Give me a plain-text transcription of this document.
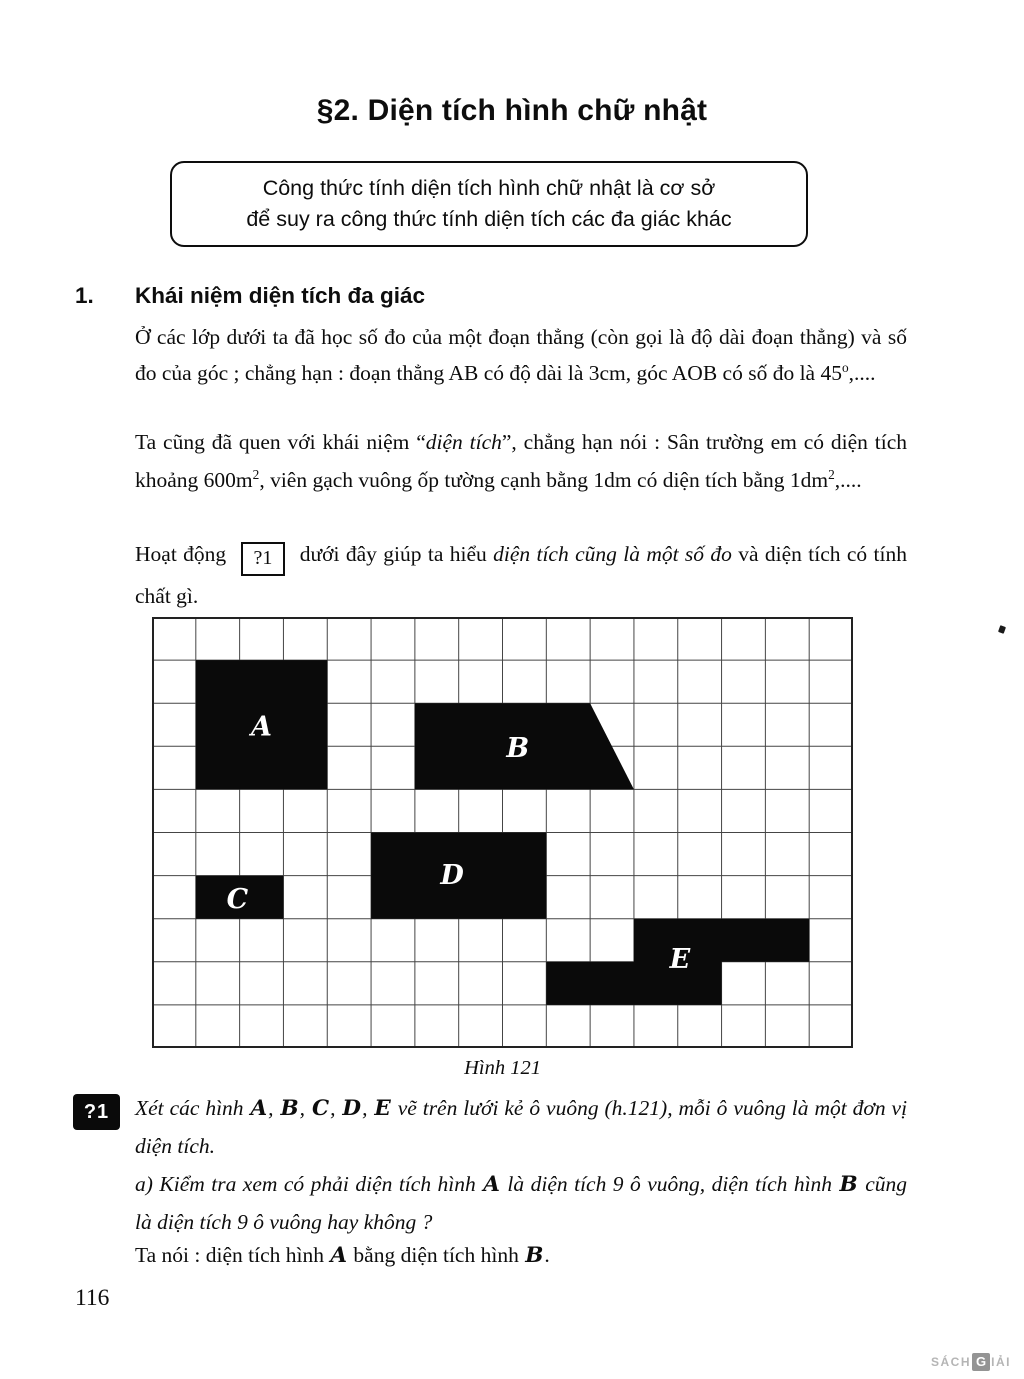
§2. Diện tích hình chữ nhật
Công thức tính diện tích hình chữ nhật là cơ sở
để suy ra công thức tính diện tích các đa giác khác
1. Khái niệm diện tích đa giác

Ở các lớp dưới ta đã học số đo của một đoạn thẳng (còn gọi là độ dài đoạn thẳng) và số đo của góc ; chẳng hạn : đoạn thẳng AB có độ dài là 3cm, góc AOB có số đo là 45$^o$,....

Ta cũng đã quen với khái niệm “diện tích”, chẳng hạn nói : Sân trường em có diện tích khoảng $600m^2$, viên gạch vuông ốp tường cạnh bằng 1dm có diện tích bằng $1dm^2$,....

Hoạt động ?1 dưới đây giúp ta hiểu diện tích cũng là một số đo và diện tích có tính chất gì.

A
B
C
D
E
Hình 121
?1	Xét các hình A, B, C, D, E vẽ trên lưới kẻ ô vuông (h.121), mỗi ô vuông là một đơn vị diện tích.

a) Kiểm tra xem có phải diện tích hình A là diện tích 9 ô vuông, diện tích hình B cũng là diện tích 9 ô vuông hay không ?

Ta nói : diện tích hình A bằng diện tích hình B.

116
SÁCH G IẢI
